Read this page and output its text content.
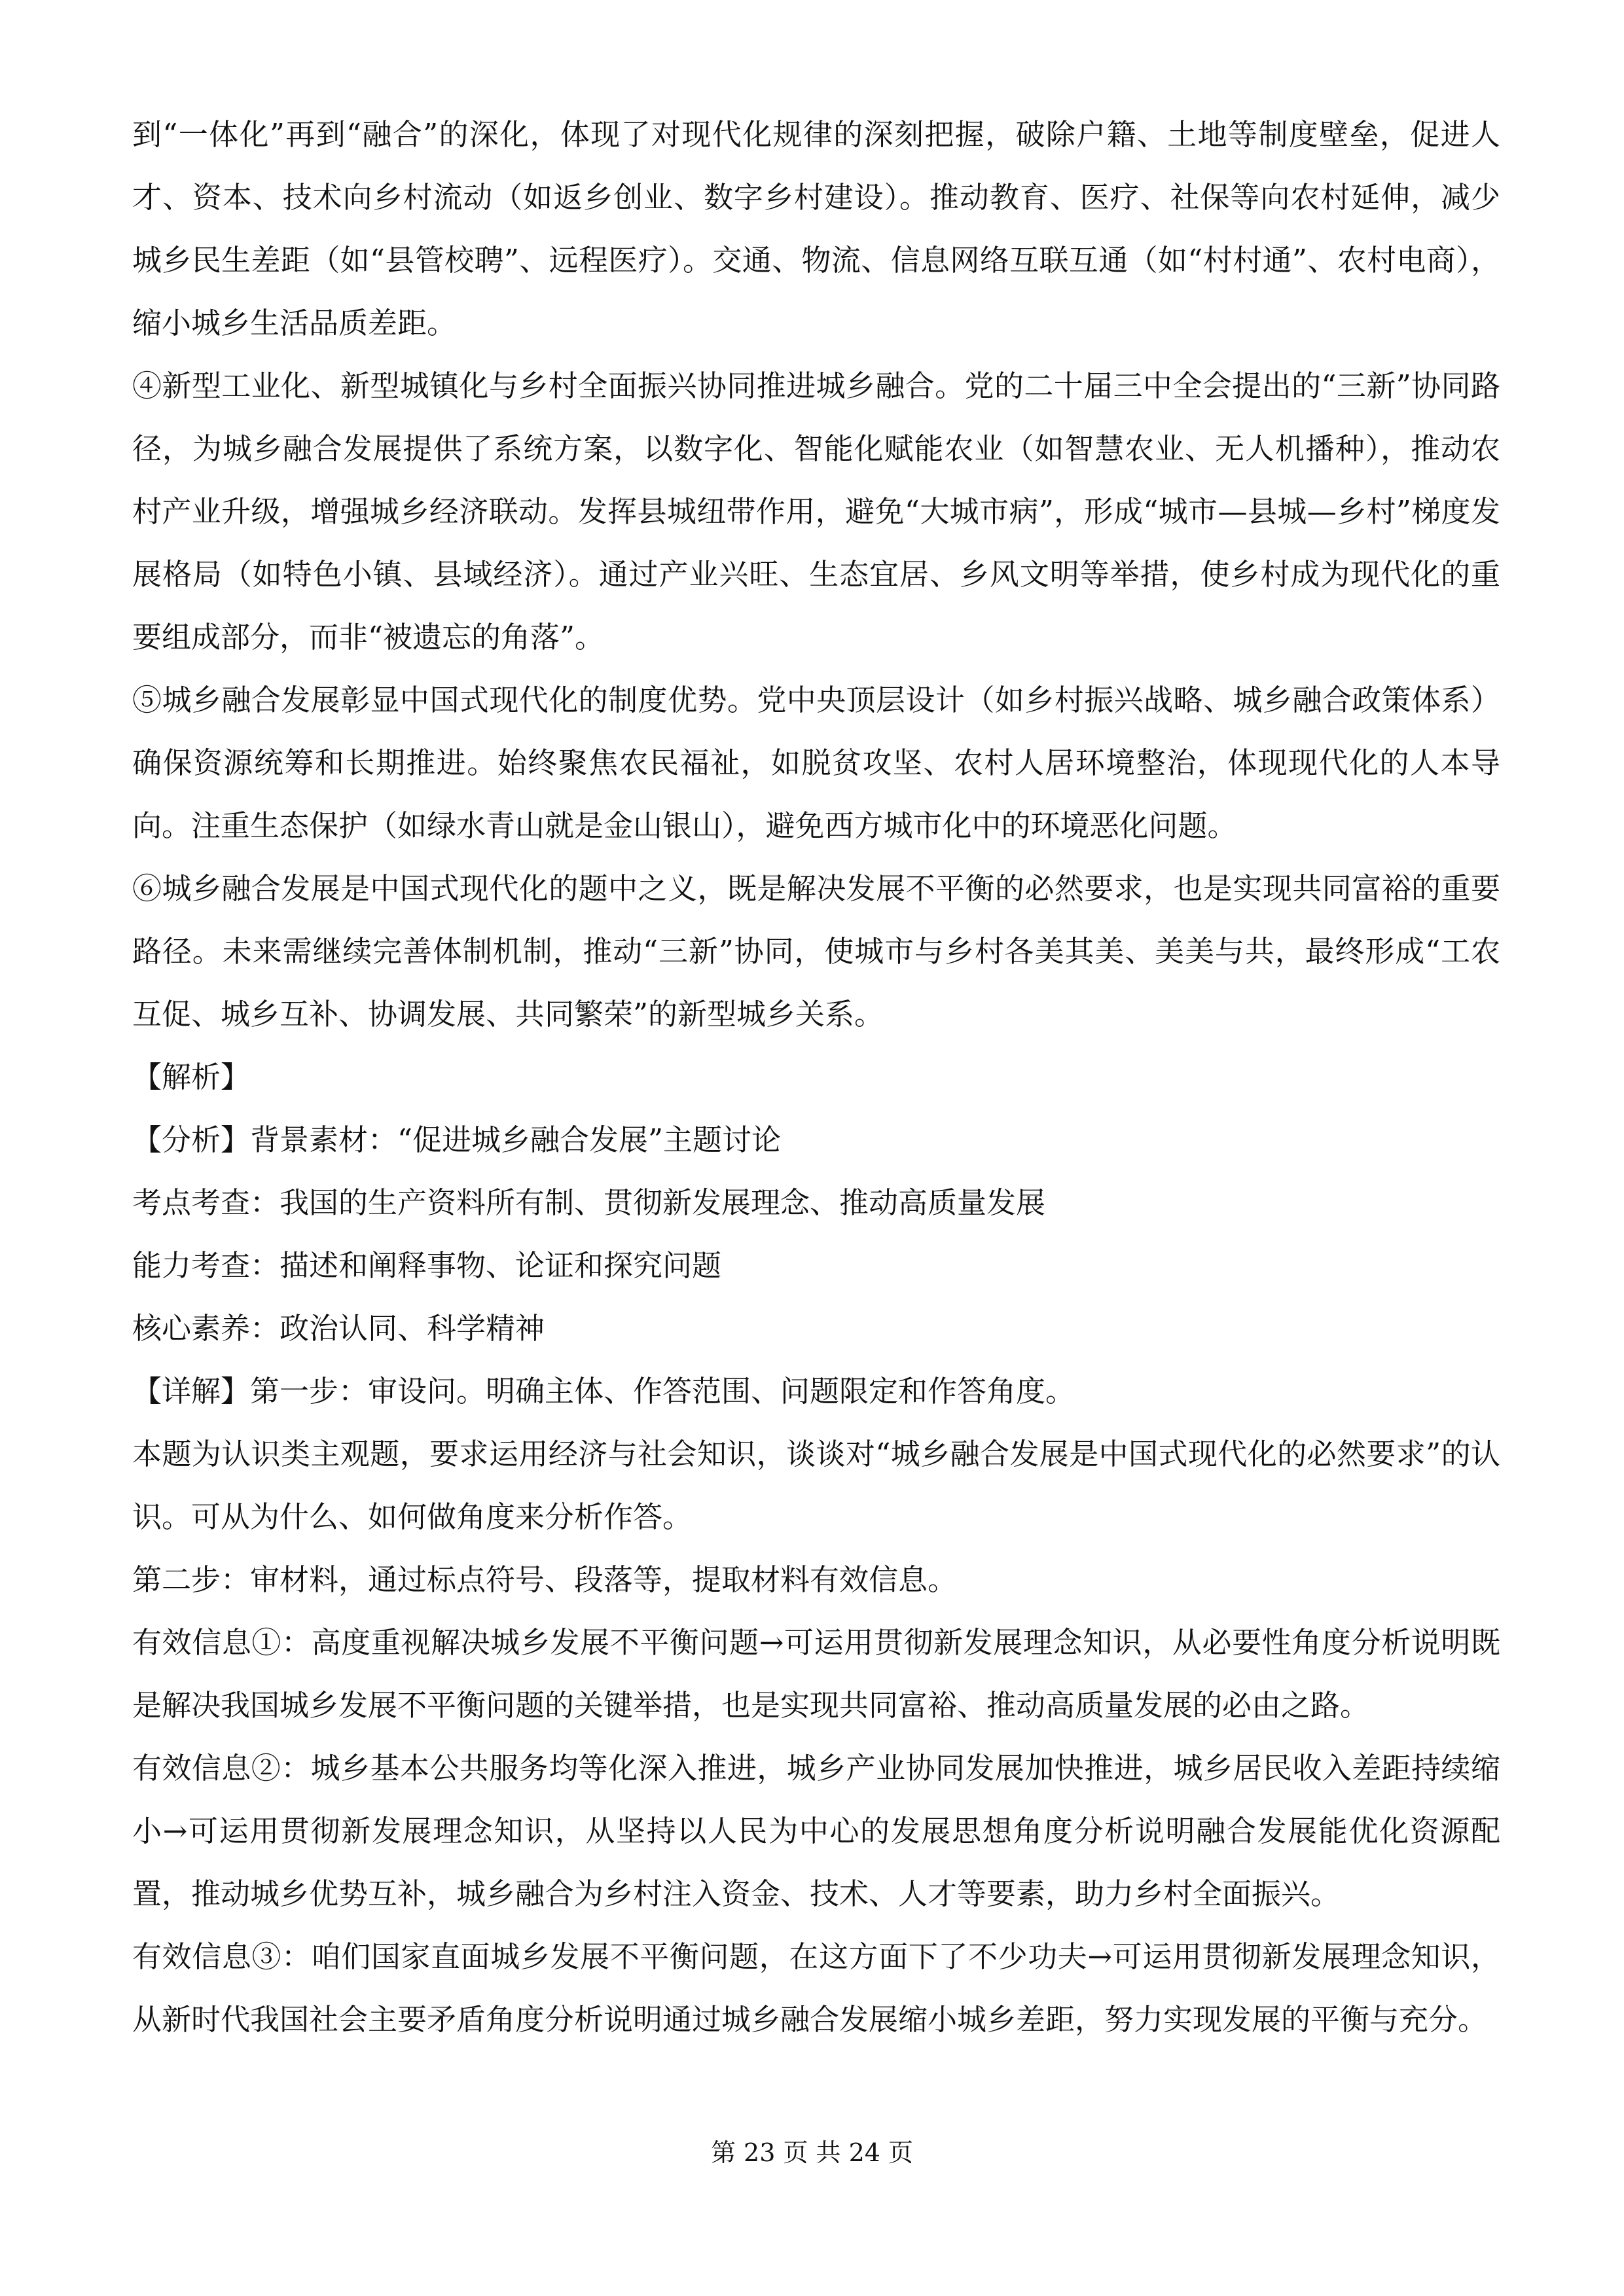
到“一体化”再到“融合”的深化，体现了对现代化规律的深刻把握，破除户籍、土地等制度壁垒，促进人才、资本、技术向乡村流动（如返乡创业、数字乡村建设）。推动教育、医疗、社保等向农村延伸，减少城乡民生差距（如“县管校聘”、远程医疗）。交通、物流、信息网络互联互通（如“村村通”、农村电商），缩小城乡生活品质差距。

④新型工业化、新型城镇化与乡村全面振兴协同推进城乡融合。党的二十届三中全会提出的“三新”协同路径，为城乡融合发展提供了系统方案，以数字化、智能化赋能农业（如智慧农业、无人机播种），推动农村产业升级，增强城乡经济联动。发挥县城纽带作用，避免“大城市病”，形成“城市—县城—乡村”梯度发展格局（如特色小镇、县域经济）。通过产业兴旺、生态宜居、乡风文明等举措，使乡村成为现代化的重要组成部分，而非“被遗忘的角落”。

⑤城乡融合发展彰显中国式现代化的制度优势。党中央顶层设计（如乡村振兴战略、城乡融合政策体系）确保资源统筹和长期推进。始终聚焦农民福祉，如脱贫攻坚、农村人居环境整治，体现现代化的人本导向。注重生态保护（如绿水青山就是金山银山），避免西方城市化中的环境恶化问题。

⑥城乡融合发展是中国式现代化的题中之义，既是解决发展不平衡的必然要求，也是实现共同富裕的重要路径。未来需继续完善体制机制，推动“三新”协同，使城市与乡村各美其美、美美与共，最终形成“工农互促、城乡互补、协调发展、共同繁荣”的新型城乡关系。

【解析】

【分析】背景素材：“促进城乡融合发展”主题讨论

考点考查：我国的生产资料所有制、贯彻新发展理念、推动高质量发展

能力考查：描述和阐释事物、论证和探究问题

核心素养：政治认同、科学精神

【详解】第一步：审设问。明确主体、作答范围、问题限定和作答角度。

本题为认识类主观题，要求运用经济与社会知识，谈谈对“城乡融合发展是中国式现代化的必然要求”的认识。可从为什么、如何做角度来分析作答。

第二步：审材料，通过标点符号、段落等，提取材料有效信息。

有效信息①：高度重视解决城乡发展不平衡问题→可运用贯彻新发展理念知识，从必要性角度分析说明既是解决我国城乡发展不平衡问题的关键举措，也是实现共同富裕、推动高质量发展的必由之路。

有效信息②：城乡基本公共服务均等化深入推进，城乡产业协同发展加快推进，城乡居民收入差距持续缩小→可运用贯彻新发展理念知识，从坚持以人民为中心的发展思想角度分析说明融合发展能优化资源配置，推动城乡优势互补，城乡融合为乡村注入资金、技术、人才等要素，助力乡村全面振兴。

有效信息③：咱们国家直面城乡发展不平衡问题，在这方面下了不少功夫→可运用贯彻新发展理念知识，从新时代我国社会主要矛盾角度分析说明通过城乡融合发展缩小城乡差距，努力实现发展的平衡与充分。

第 23 页 共 24 页
